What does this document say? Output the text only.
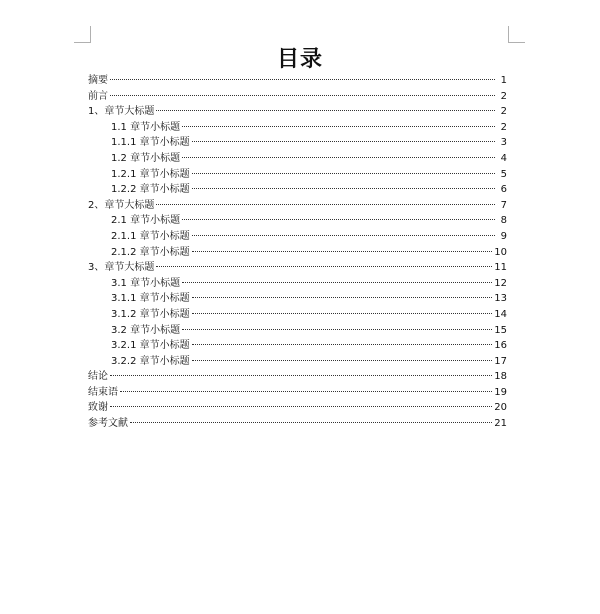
目录
摘要	1
前言	2
1、章节大标题	2
1.1 章节小标题	2
1.1.1 章节小标题	3
1.2 章节小标题	4
1.2.1 章节小标题	5
1.2.2 章节小标题	6
2、章节大标题	7
2.1 章节小标题	8
2.1.1 章节小标题	9
2.1.2 章节小标题	10
3、章节大标题	11
3.1 章节小标题	12
3.1.1 章节小标题	13
3.1.2 章节小标题	14
3.2 章节小标题	15
3.2.1 章节小标题	16
3.2.2 章节小标题	17
结论	18
结束语	19
致谢	20
参考文献	21
